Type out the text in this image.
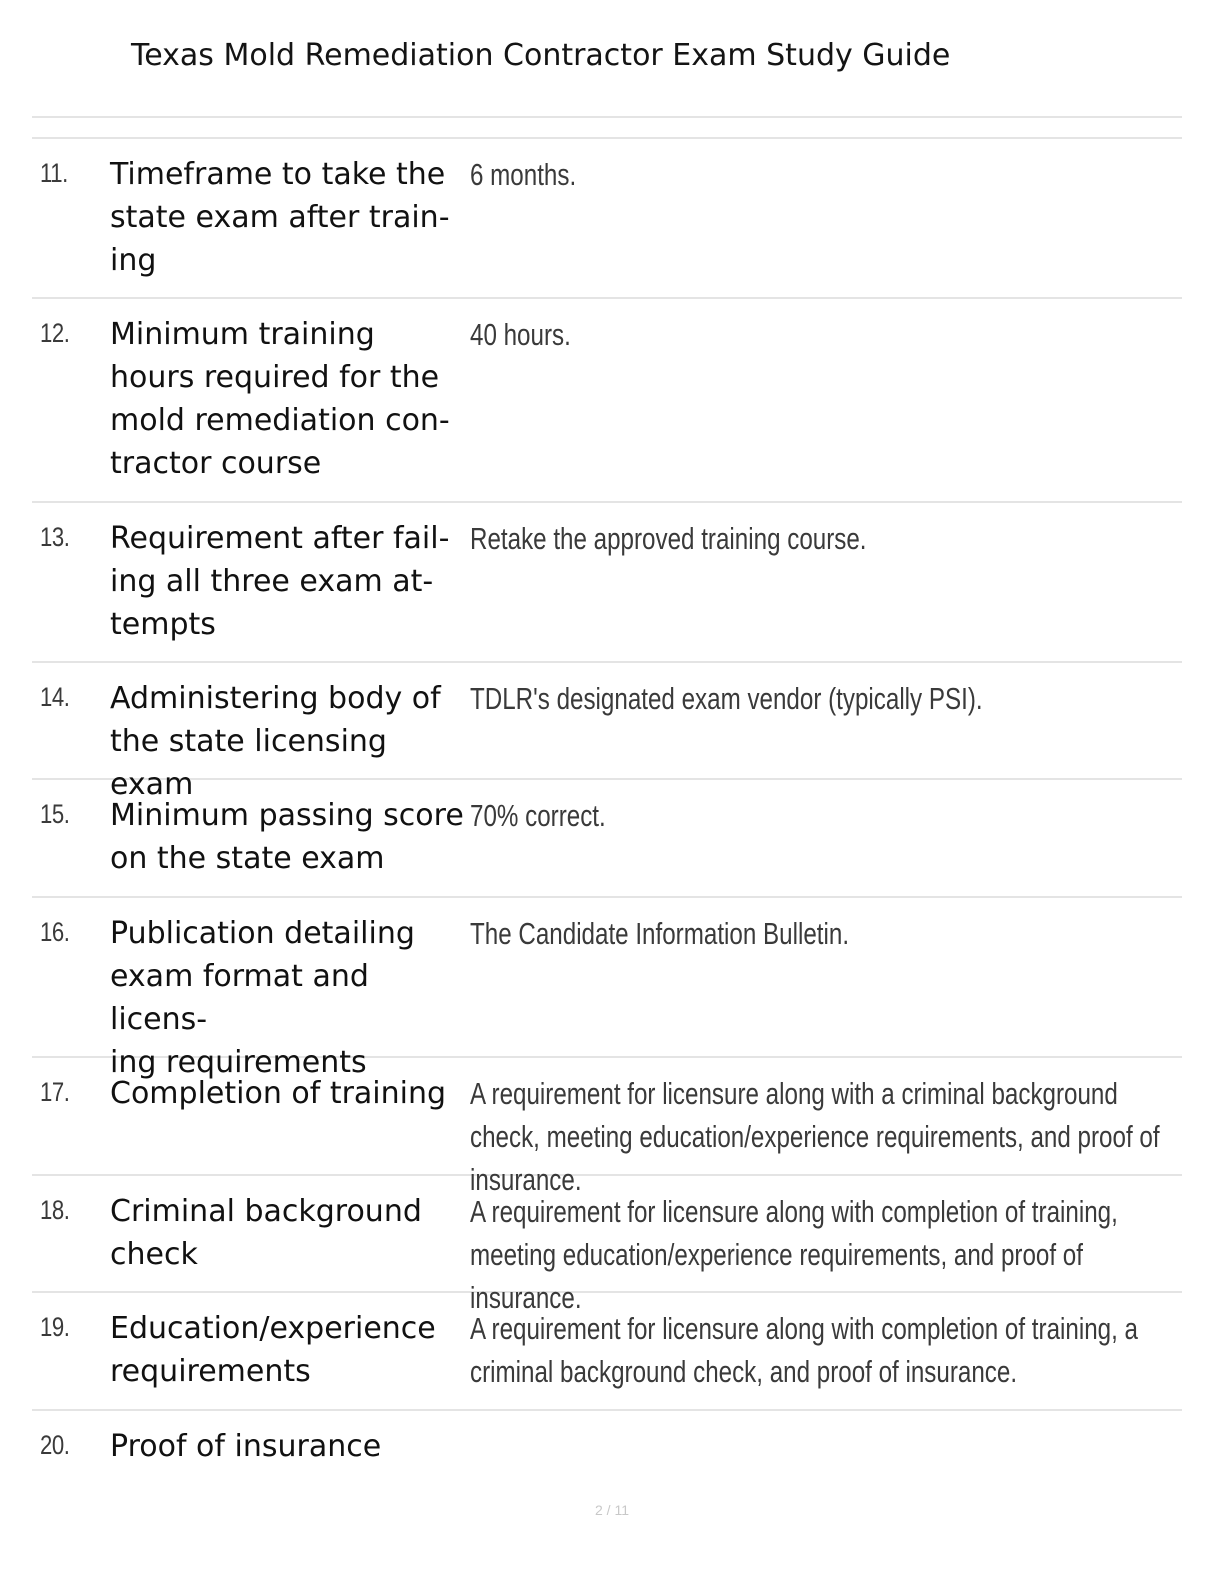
Texas Mold Remediation Contractor Exam Study Guide
11. Timeframe to take the
state exam after train-
ing
6 months.
12. Minimum training
hours required for the
mold remediation con-
tractor course
40 hours.
13. Requirement after fail-
ing all three exam at-
tempts
Retake the approved training course.
14. Administering body of
the state licensing exam
TDLR's designated exam vendor (typically PSI).
15. Minimum passing score
on the state exam
70% correct.
16. Publication detailing
exam format and licens-
ing requirements
The Candidate Information Bulletin.
17. Completion of training A requirement for licensure along with a criminal background check, meeting education/experience requirements, and proof of insurance.
18. Criminal background
check
A requirement for licensure along with completion of training, meeting education/experience requirements, and proof of insurance.
19. Education/experience
requirements
A requirement for licensure along with completion of training, a criminal background check, and proof of insurance.
20. Proof of insurance
2 / 11
